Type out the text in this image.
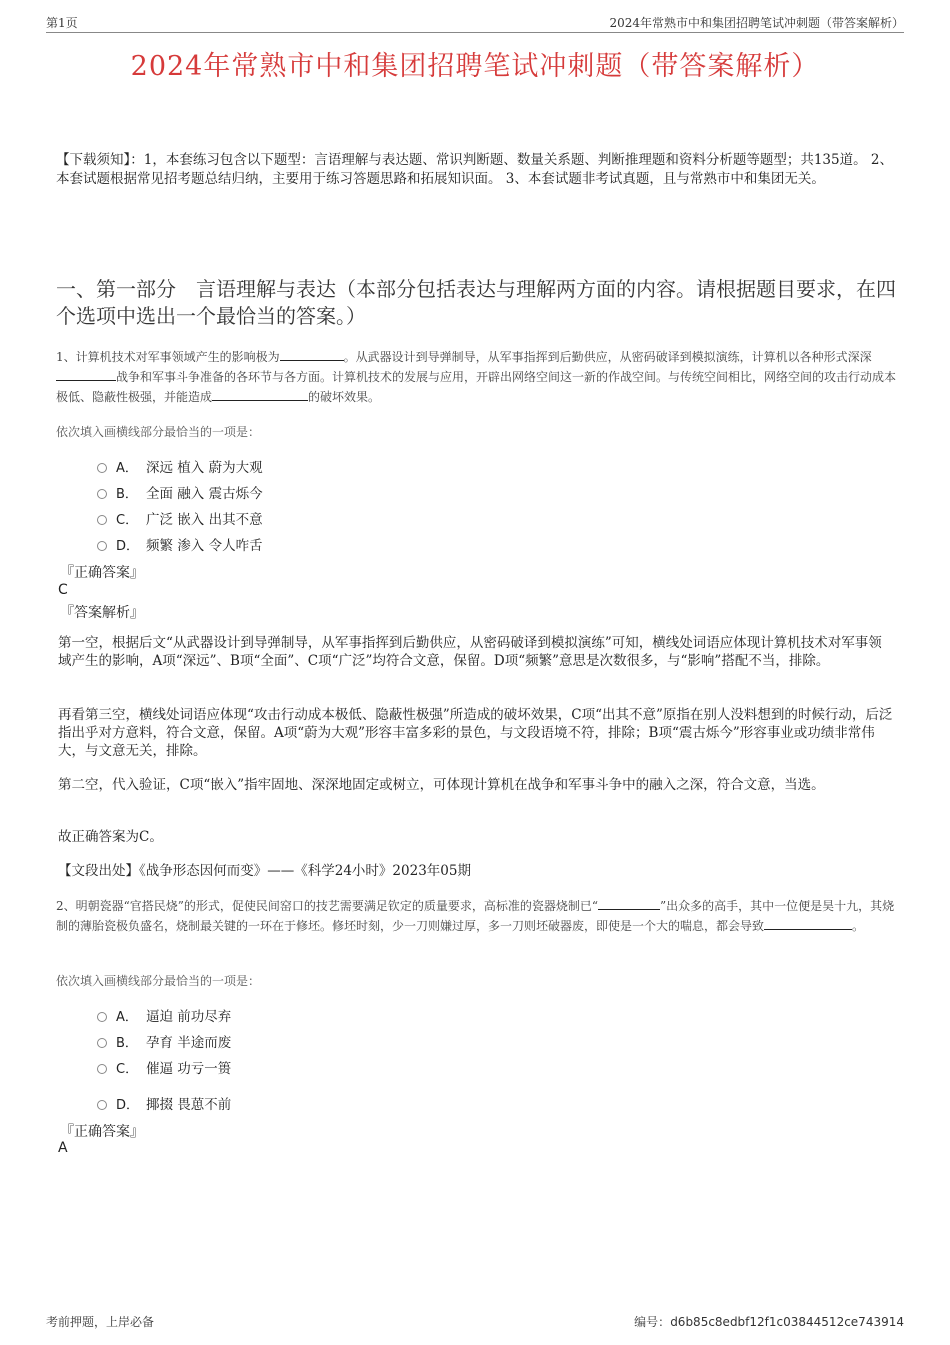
第1页	2024年常熟市中和集团招聘笔试冲刺题（带答案解析）
2024年常熟市中和集团招聘笔试冲刺题（带答案解析）
【下载须知】：1，本套练习包含以下题型：言语理解与表达题、常识判断题、数量关系题、判断推理题和资料分析题等题型；共135道。 2、本套试题根据常见招考题总结归纳，主要用于练习答题思路和拓展知识面。 3、本套试题非考试真题，且与常熟市中和集团无关。
一、第一部分　言语理解与表达（本部分包括表达与理解两方面的内容。请根据题目要求，在四个选项中选出一个最恰当的答案。）
1、计算机技术对军事领域产生的影响极为	。从武器设计到导弹制导，从军事指挥到后勤供应，从密码破译到模拟演练，计算机以各种形式深深战争和军事斗争准备的各环节与各方面。计算机技术的发展与应用，开辟出网络空间这一新的作战空间。与传统空间相比，网络空间的攻击行动成本极低、隐蔽性极强，并能造成	的破坏效果。
依次填入画横线部分最恰当的一项是：
A． 深远 植入 蔚为大观
B． 全面 融入 震古烁今
C． 广泛 嵌入 出其不意
D． 频繁 渗入 令人咋舌
『正确答案』
C
『答案解析』
第一空，根据后文“从武器设计到导弹制导，从军事指挥到后勤供应，从密码破译到模拟演练”可知，横线处词语应体现计算机技术对军事领域产生的影响，A项“深远”、B项“全面”、C项“广泛”均符合文意，保留。D项“频繁”意思是次数很多，与“影响”搭配不当，排除。
再看第三空，横线处词语应体现“攻击行动成本极低、隐蔽性极强”所造成的破坏效果，C项“出其不意”原指在别人没料想到的时候行动，后泛指出乎对方意料，符合文意，保留。A项“蔚为大观”形容丰富多彩的景色，与文段语境不符，排除；B项“震古烁今”形容事业或功绩非常伟大，与文意无关，排除。
第二空，代入验证，C项“嵌入”指牢固地、深深地固定或树立，可体现计算机在战争和军事斗争中的融入之深，符合文意，当选。
故正确答案为C。
【文段出处】《战争形态因何而变》——《科学24小时》2023年05期
2、明朝瓷器“官搭民烧”的形式，促使民间窑口的技艺需要满足钦定的质量要求，高标准的瓷器烧制已“	”出众多的高手，其中一位便是昊十九，其烧制的薄胎瓷极负盛名，烧制最关键的一环在于修坯。修坯时刻，少一刀则嫌过厚，多一刀则坯破器废，即使是一个大的喘息，都会导致	。
依次填入画横线部分最恰当的一项是：
A． 逼迫 前功尽弃
B． 孕育 半途而废
C． 催逼 功亏一篑
D． 揶掇 畏葸不前
『正确答案』
A
考前押题，上岸必备	编号：d6b85c8edbf12f1c03844512ce743914
